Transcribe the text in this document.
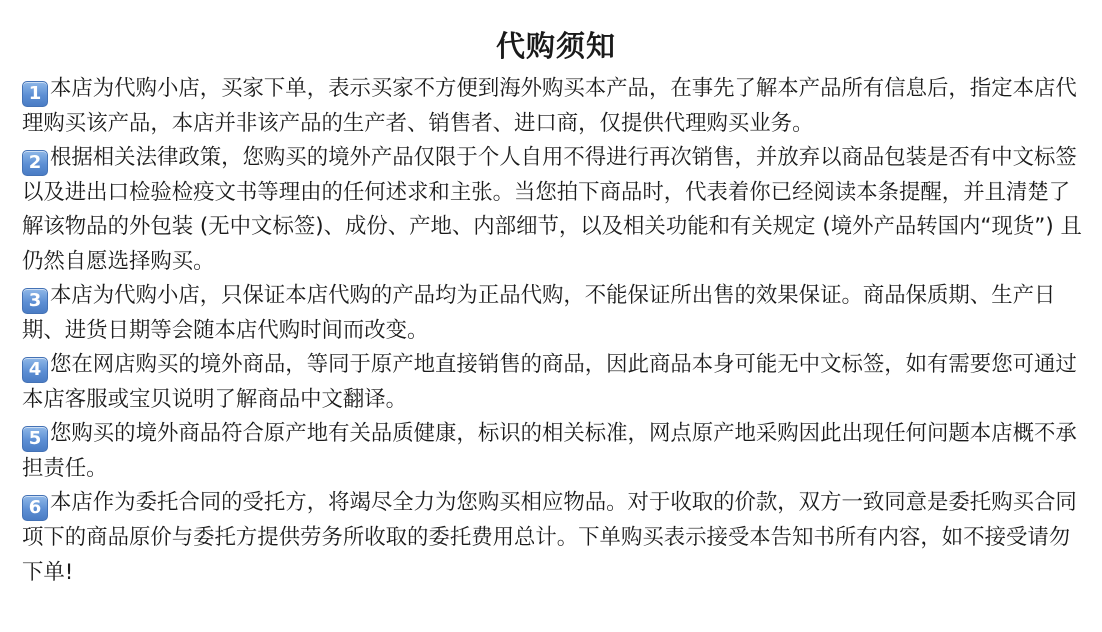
代购须知

1 本店为代购小店，买家下单，表示买家不方便到海外购买本产品，在事先了解本产品所有信息后，指定本店代理购买该产品，本店并非该产品的生产者、销售者、进口商，仅提供代理购买业务。

2 根据相关法律政策，您购买的境外产品仅限于个人自用不得进行再次销售，并放弃以商品包装是否有中文标签以及进出口检验检疫文书等理由的任何述求和主张。当您拍下商品时，代表着你已经阅读本条提醒，并且清楚了解该物品的外包装 (无中文标签)、成份、产地、内部细节，以及相关功能和有关规定 (境外产品转国内“现货”) 且仍然自愿选择购买。

3 本店为代购小店，只保证本店代购的产品均为正品代购，不能保证所出售的效果保证。商品保质期、生产日期、进货日期等会随本店代购时间而改变。

4 您在网店购买的境外商品，等同于原产地直接销售的商品，因此商品本身可能无中文标签，如有需要您可通过本店客服或宝贝说明了解商品中文翻译。

5 您购买的境外商品符合原产地有关品质健康，标识的相关标准，网点原产地采购因此出现任何问题本店概不承担责任。

6 本店作为委托合同的受托方，将竭尽全力为您购买相应物品。对于收取的价款，双方一致同意是委托购买合同项下的商品原价与委托方提供劳务所收取的委托费用总计。下单购买表示接受本告知书所有内容，如不接受请勿下单!
